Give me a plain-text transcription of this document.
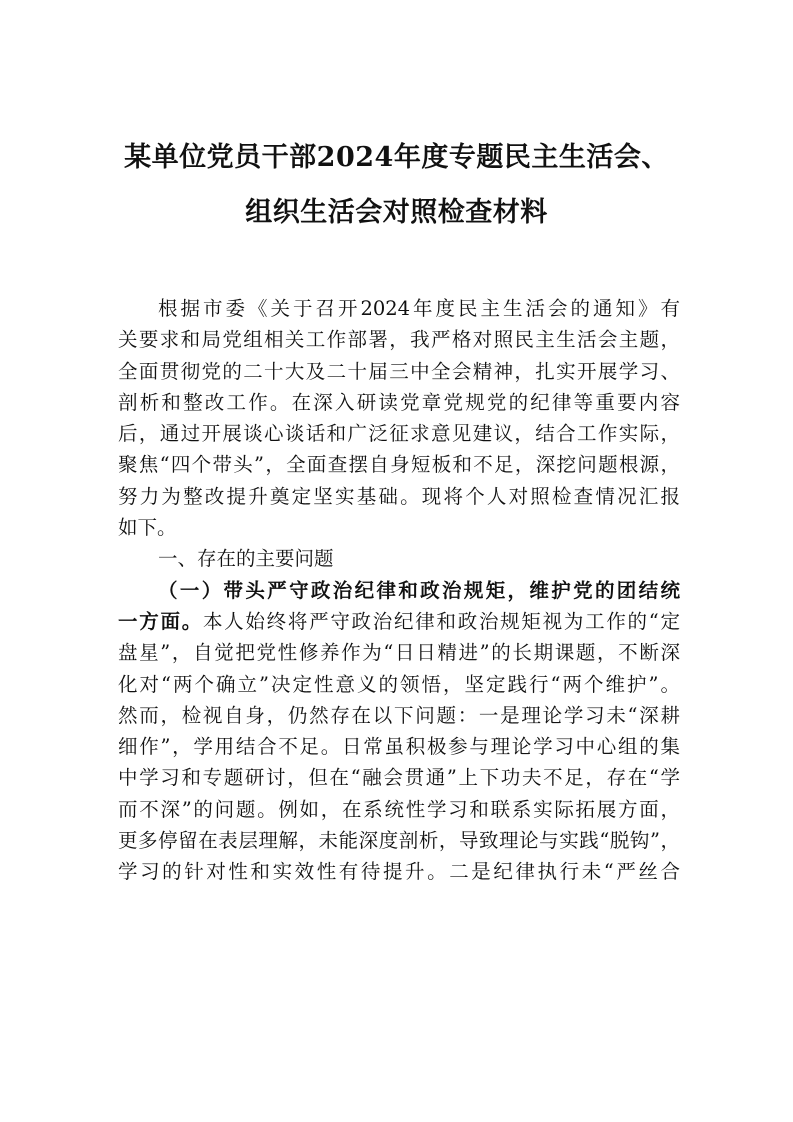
某单位党员干部2024年度专题民主生活会、
组织生活会对照检查材料
根据市委《关于召开2024年度民主生活会的通知》有
关要求和局党组相关工作部署，我严格对照民主生活会主题，
全面贯彻党的二十大及二十届三中全会精神，扎实开展学习、
剖析和整改工作。在深入研读党章党规党的纪律等重要内容
后，通过开展谈心谈话和广泛征求意见建议，结合工作实际，
聚焦“四个带头”，全面查摆自身短板和不足，深挖问题根源，
努力为整改提升奠定坚实基础。现将个人对照检查情况汇报
如下。
一、存在的主要问题
（一）带头严守政治纪律和政治规矩，维护党的团结统
一方面。本人始终将严守政治纪律和政治规矩视为工作的“定
盘星”，自觉把党性修养作为“日日精进”的长期课题，不断深
化对“两个确立”决定性意义的领悟，坚定践行“两个维护”。
然而，检视自身，仍然存在以下问题：一是理论学习未“深耕
细作”，学用结合不足。日常虽积极参与理论学习中心组的集
中学习和专题研讨，但在“融会贯通”上下功夫不足，存在“学
而不深”的问题。例如，在系统性学习和联系实际拓展方面，
更多停留在表层理解，未能深度剖析，导致理论与实践“脱钩”，
学习的针对性和实效性有待提升。二是纪律执行未“严丝合
